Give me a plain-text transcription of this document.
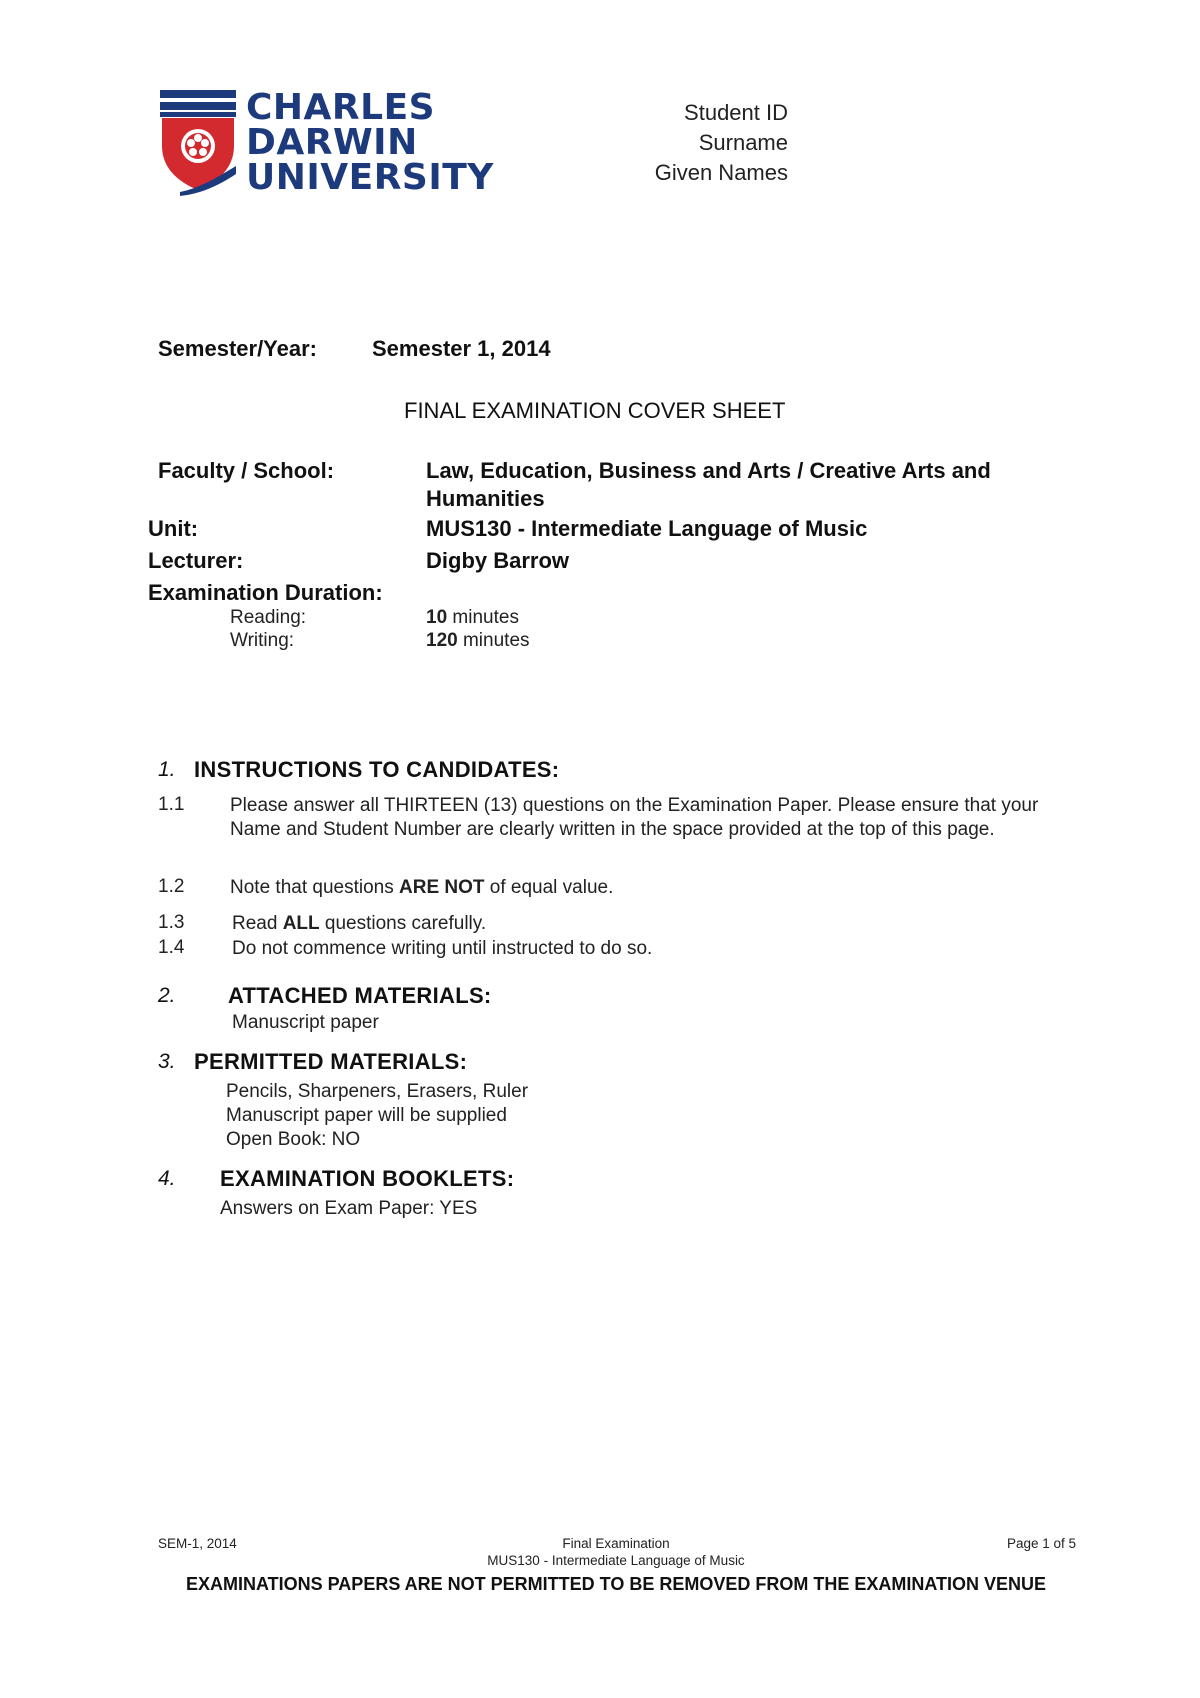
CHARLES
DARWIN
UNIVERSITY
Student ID
Surname
Given Names
Semester/Year:	Semester 1, 2014
FINAL EXAMINATION COVER SHEET
Faculty / School:	Law, Education, Business and Arts / Creative Arts and
Humanities
Unit:	MUS130 - Intermediate Language of Music
Lecturer:	Digby Barrow
Examination Duration:
Reading:	10 minutes
Writing:	120 minutes
1. INSTRUCTIONS TO CANDIDATES:
1.1 Please answer all THIRTEEN (13) questions on the Examination Paper. Please ensure that your Name and Student Number are clearly written in the space provided at the top of this page.
1.2 Note that questions ARE NOT of equal value.
1.3	Read ALL questions carefully.
1.4	Do not commence writing until instructed to do so.
2. ATTACHED MATERIALS:
Manuscript paper
3. PERMITTED MATERIALS:
Pencils, Sharpeners, Erasers, Ruler
Manuscript paper will be supplied
Open Book: NO
4. EXAMINATION BOOKLETS:
Answers on Exam Paper: YES
SEM-1, 2014	Final Examination
MUS130 - Intermediate Language of Music
Page 1 of 5
EXAMINATIONS PAPERS ARE NOT PERMITTED TO BE REMOVED FROM THE EXAMINATION VENUE
